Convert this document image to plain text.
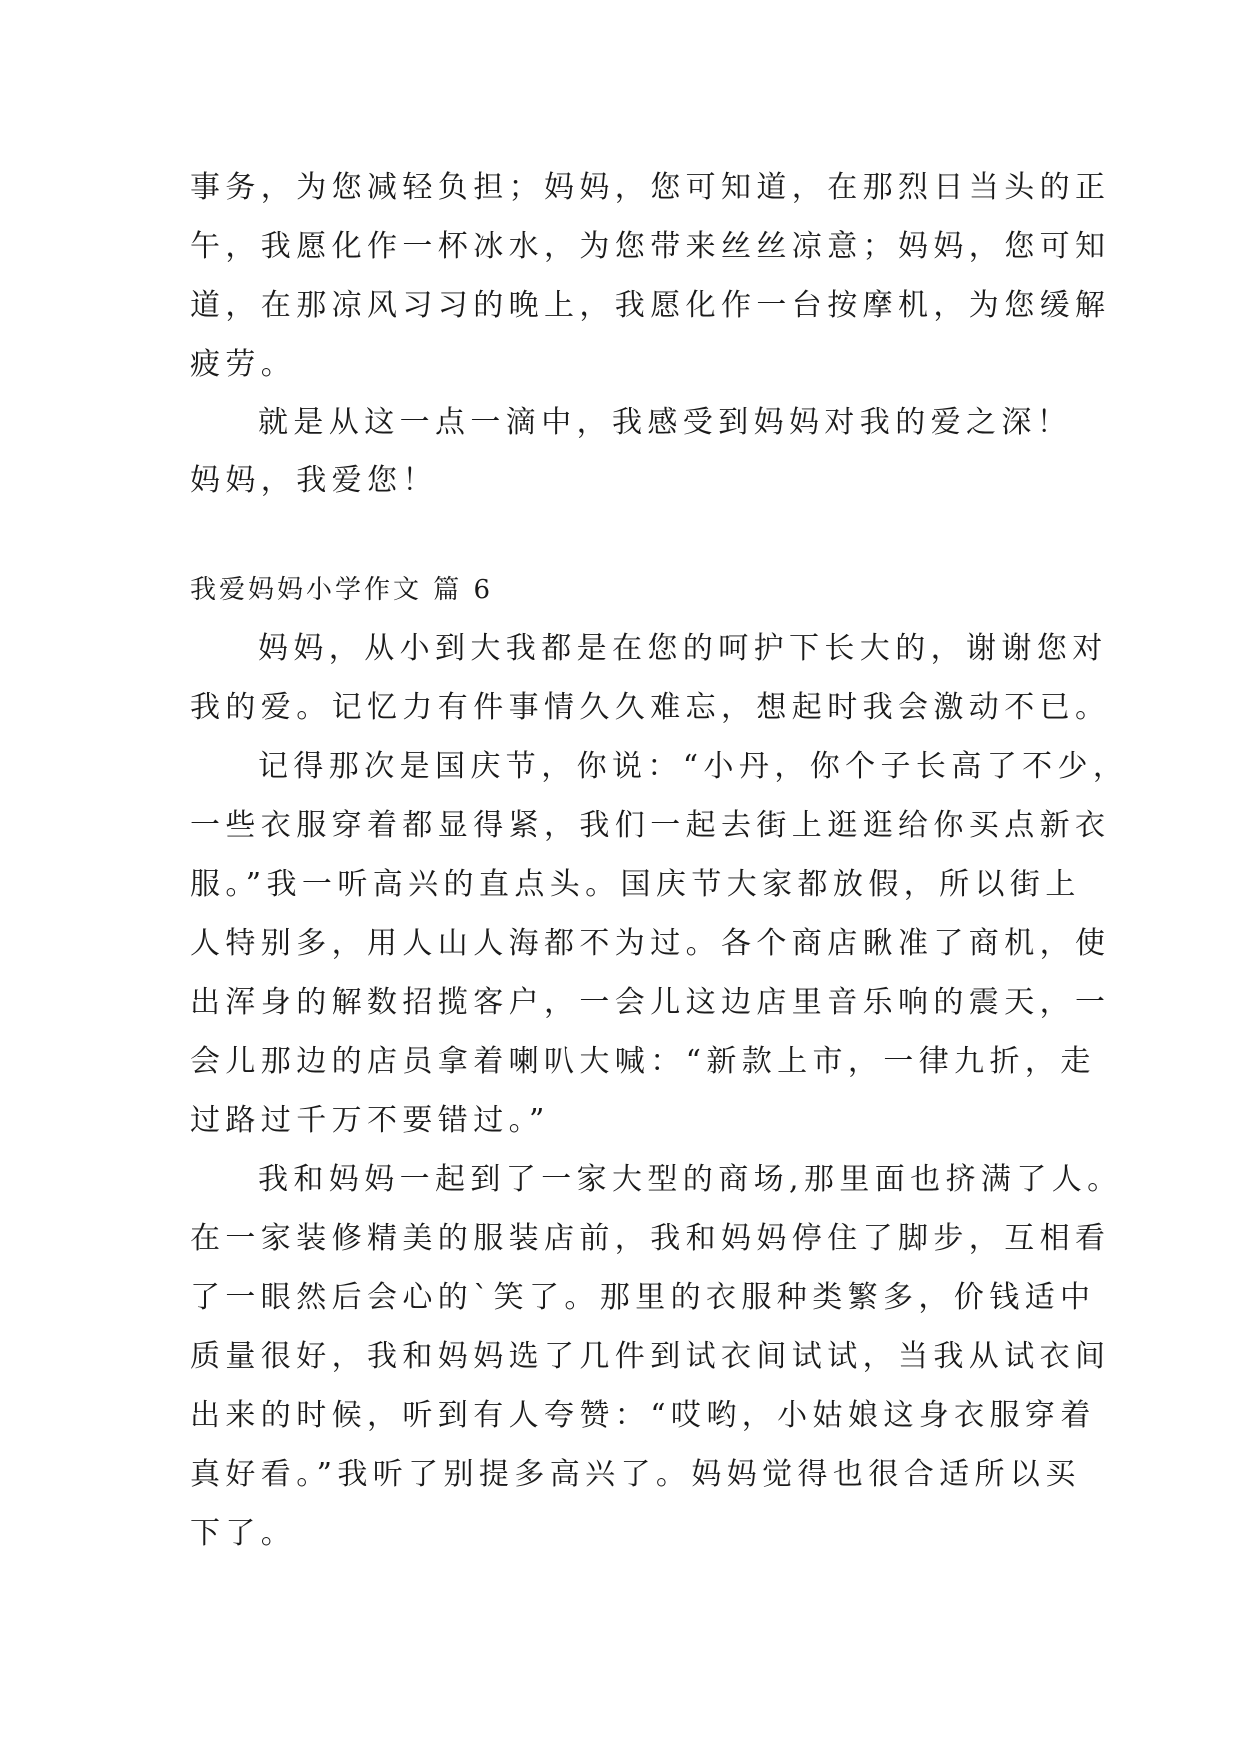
事务，为您减轻负担；妈妈，您可知道，在那烈日当头的正
午，我愿化作一杯冰水，为您带来丝丝凉意；妈妈，您可知
道，在那凉风习习的晚上，我愿化作一台按摩机，为您缓解
疲劳。
就是从这一点一滴中，我感受到妈妈对我的爱之深！
妈妈，我爱您！
我爱妈妈小学作文 篇 6
妈妈，从小到大我都是在您的呵护下长大的，谢谢您对
我的爱。记忆力有件事情久久难忘，想起时我会激动不已。
记得那次是国庆节，你说：“小丹，你个子长高了不少，
一些衣服穿着都显得紧，我们一起去街上逛逛给你买点新衣
服。”我一听高兴的直点头。国庆节大家都放假，所以街上
人特别多，用人山人海都不为过。各个商店瞅准了商机，使
出浑身的解数招揽客户，一会儿这边店里音乐响的震天，一
会儿那边的店员拿着喇叭大喊：“新款上市，一律九折，走
过路过千万不要错过。”
我和妈妈一起到了一家大型的商场,那里面也挤满了人。
在一家装修精美的服装店前，我和妈妈停住了脚步，互相看
了一眼然后会心的`笑了。那里的衣服种类繁多，价钱适中
质量很好，我和妈妈选了几件到试衣间试试，当我从试衣间
出来的时候，听到有人夸赞：“哎哟，小姑娘这身衣服穿着
真好看。”我听了别提多高兴了。妈妈觉得也很合适所以买
下了。
